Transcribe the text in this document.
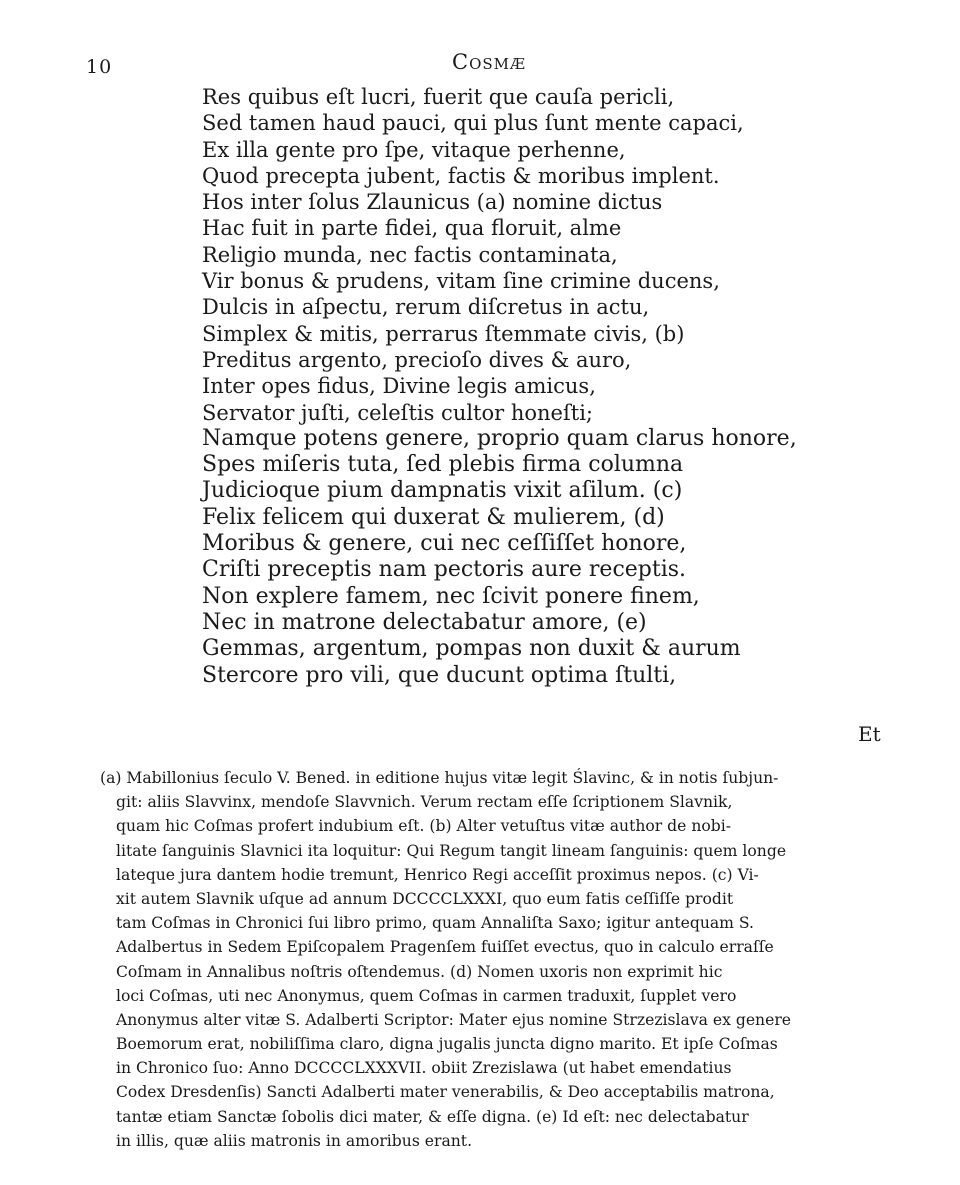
10	Cosmæ
Res quibus eſt lucri, fuerit que cauſa pericli,
Sed tamen haud pauci, qui plus ſunt mente capaci,
Ex illa gente pro ſpe, vitaque perhenne,
Quod precepta jubent, factis & moribus implent.
Hos inter ſolus Zlaunicus (a) nomine dictus
Hac fuit in parte fidei, qua floruit, alme
Religio munda, nec factis contaminata,
Vir bonus & prudens, vitam ſine crimine ducens,
Dulcis in aſpectu, rerum diſcretus in actu,
Simplex & mitis, perrarus ſtemmate civis, (b)
Preditus argento, precioſo dives & auro,
Inter opes fidus, Divine legis amicus,
Servator juſti, celeſtis cultor honeſti;
Namque potens genere, proprio quam clarus honore,
Spes miſeris tuta, ſed plebis firma columna
Judicioque pium dampnatis vixit aſilum. (c)
Felix felicem qui duxerat & mulierem, (d)
Moribus & genere, cui nec ceſſiſſet honore,
Criſti preceptis nam pectoris aure receptis.
Non explere famem, nec ſcivit ponere finem,
Nec in matrone delectabatur amore, (e)
Gemmas, argentum, pompas non duxit & aurum
Stercore pro vili, que ducunt optima ſtulti,
Et
(a) Mabillonius ſeculo V. Bened. in editione hujus vitæ legit Ślavinc, & in notis ſubjun-
git: aliis Slavvinx, mendoſe Slavvnich. Verum rectam eſſe ſcriptionem Slavnik,
quam hic Coſmas profert indubium eſt. (b) Alter vetuſtus vitæ author de nobi-
litate ſanguinis Slavnici ita loquitur: Qui Regum tangit lineam ſanguinis: quem longe
lateque jura dantem hodie tremunt, Henrico Regi acceſſit proximus nepos. (c) Vi-
xit autem Slavnik uſque ad annum DCCCCLXXXI, quo eum fatis ceſſiſſe prodit
tam Coſmas in Chronici ſui libro primo, quam Annaliſta Saxo; igitur antequam S.
Adalbertus in Sedem Epiſcopalem Pragenſem fuiſſet evectus, quo in calculo erraſſe
Coſmam in Annalibus noſtris oſtendemus. (d) Nomen uxoris non exprimit hic
loci Coſmas, uti nec Anonymus, quem Coſmas in carmen traduxit, ſupplet vero
Anonymus alter vitæ S. Adalberti Scriptor: Mater ejus nomine Strzezislava ex genere
Boemorum erat, nobiliſſima claro, digna jugalis juncta digno marito. Et ipſe Coſmas
in Chronico ſuo: Anno DCCCCLXXXVII. obiit Zrezislawa (ut habet emendatius
Codex Dresdenſis) Sancti Adalberti mater venerabilis, & Deo acceptabilis matrona,
tantæ etiam Sanctæ ſobolis dici mater, & eſſe digna. (e) Id eſt: nec delectabatur
in illis, quæ aliis matronis in amoribus erant.
